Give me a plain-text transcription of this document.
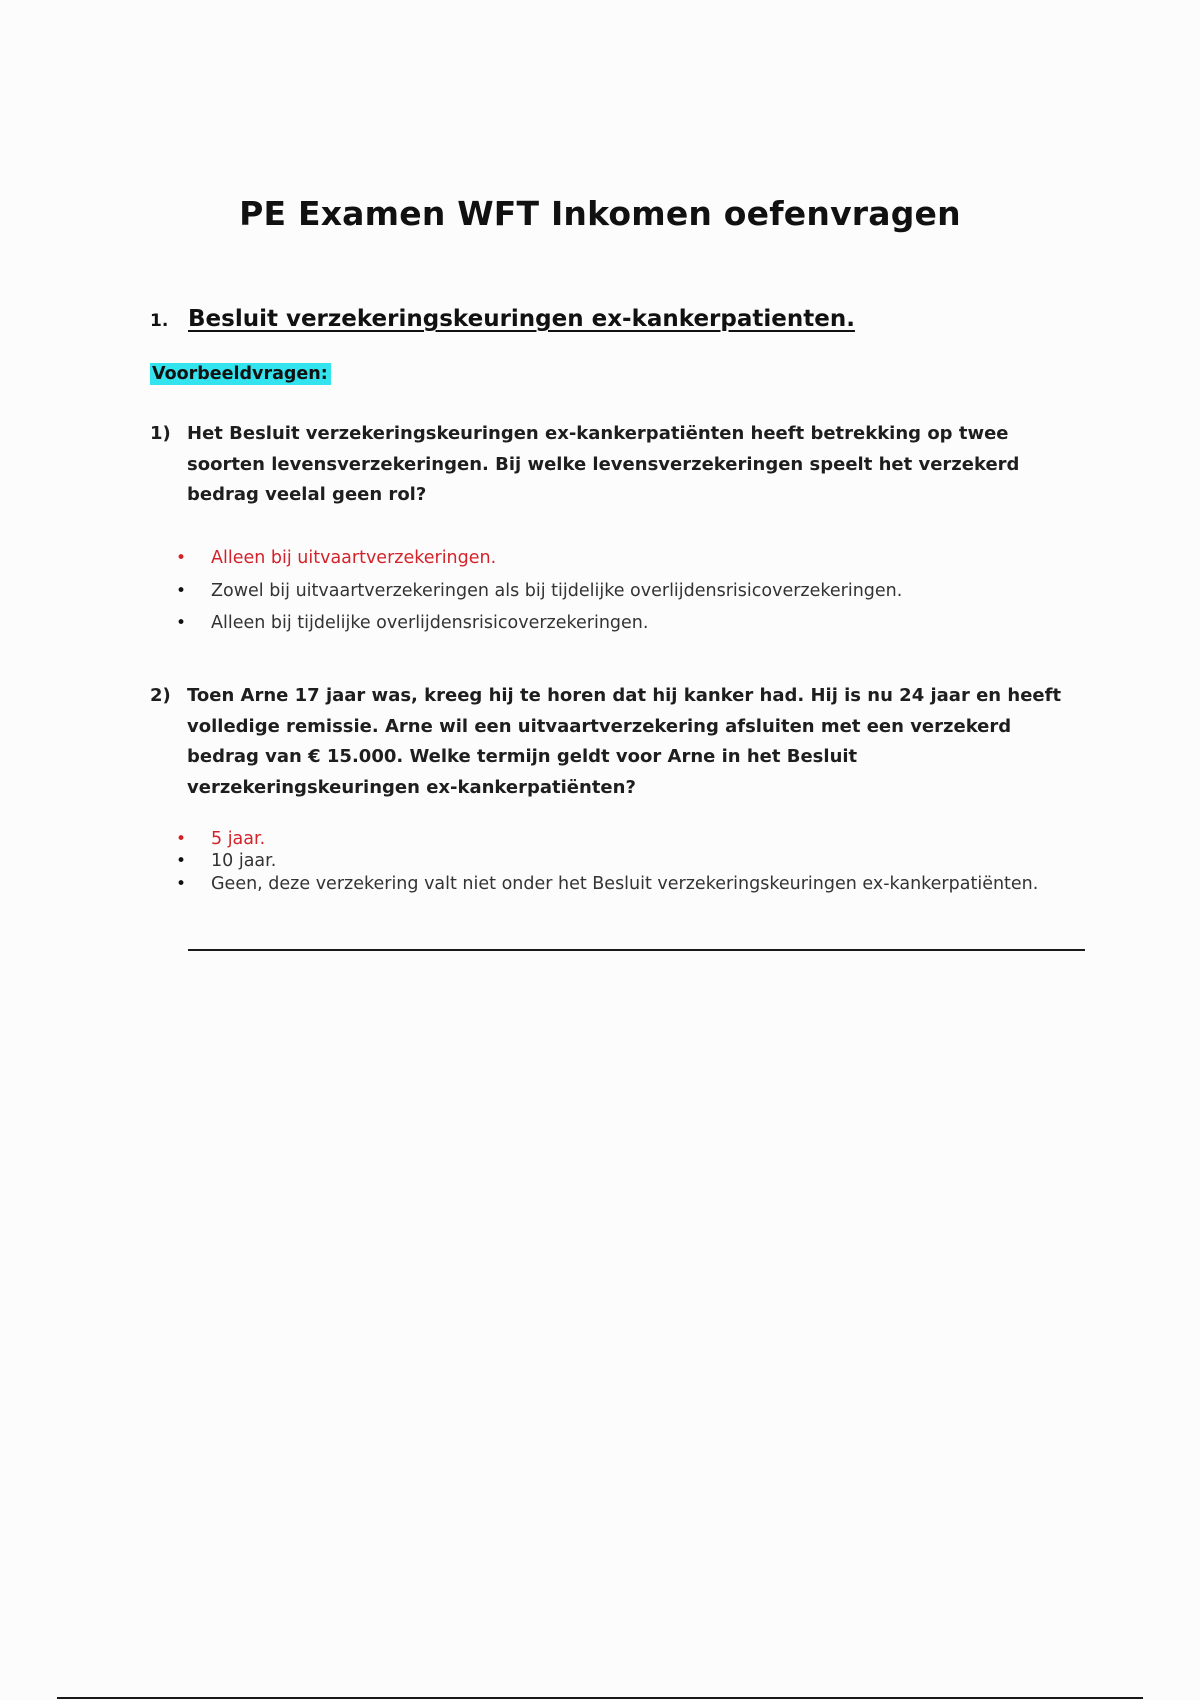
PE Examen WFT Inkomen oefenvragen
1. Besluit verzekeringskeuringen ex-kankerpatienten.
Voorbeeldvragen:
1) Het Besluit verzekeringskeuringen ex-kankerpatiënten heeft betrekking op twee soorten levensverzekeringen. Bij welke levensverzekeringen speelt het verzekerd bedrag veelal geen rol?
• Alleen bij uitvaartverzekeringen.
• Zowel bij uitvaartverzekeringen als bij tijdelijke overlijdensrisicoverzekeringen.
• Alleen bij tijdelijke overlijdensrisicoverzekeringen.
2) Toen Arne 17 jaar was, kreeg hij te horen dat hij kanker had. Hij is nu 24 jaar en heeft volledige remissie. Arne wil een uitvaartverzekering afsluiten met een verzekerd bedrag van € 15.000. Welke termijn geldt voor Arne in het Besluit verzekeringskeuringen ex-kankerpatiënten?
• 5 jaar.
• 10 jaar.
• Geen, deze verzekering valt niet onder het Besluit verzekeringskeuringen ex-kankerpatiënten.
